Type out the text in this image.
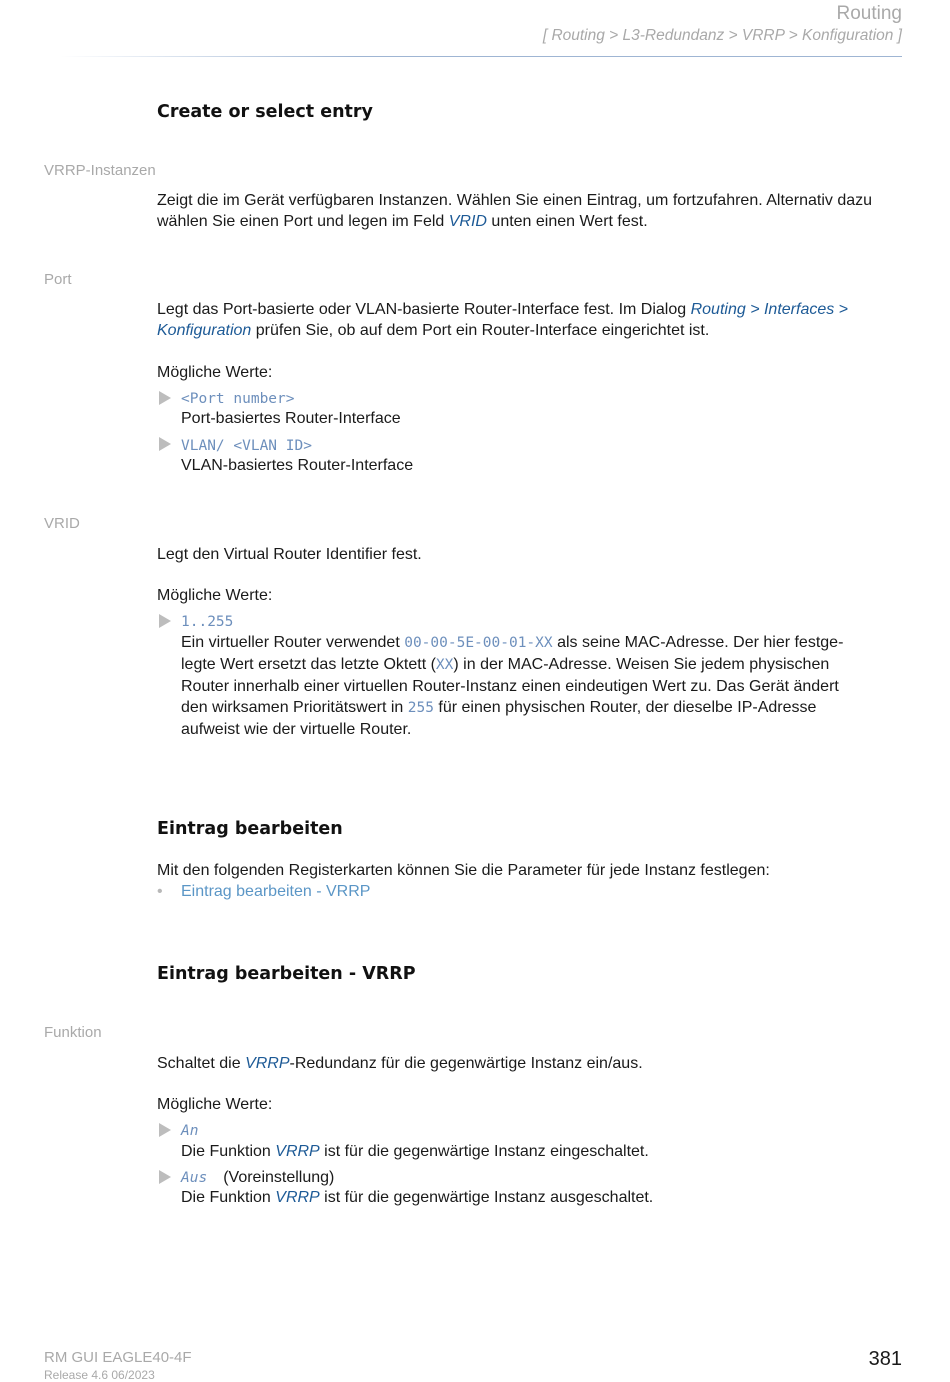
Routing
[ Routing > L3-Redundanz > VRRP > Konfiguration ]
Create or select entry
VRRP-Instanzen
Zeigt die im Gerät verfügbaren Instanzen. Wählen Sie einen Eintrag, um fortzufahren. Alternativ dazu wählen Sie einen Port und legen im Feld VRID unten einen Wert fest.
Port
Legt das Port-basierte oder VLAN-basierte Router-Interface fest. Im Dialog Routing > Interfaces > Konfiguration prüfen Sie, ob auf dem Port ein Router-Interface eingerichtet ist.
Mögliche Werte:
<Port number>
Port-basiertes Router-Interface
VLAN/ <VLAN ID>
VLAN-basiertes Router-Interface
VRID
Legt den Virtual Router Identifier fest.
Mögliche Werte:
1..255
Ein virtueller Router verwendet 00-00-5E-00-01-XX als seine MAC-Adresse. Der hier festge-
legte Wert ersetzt das letzte Oktett (XX) in der MAC-Adresse. Weisen Sie jedem physischen
Router innerhalb einer virtuellen Router-Instanz einen eindeutigen Wert zu. Das Gerät ändert
den wirksamen Prioritätswert in 255 für einen physischen Router, der dieselbe IP-Adresse
aufweist wie der virtuelle Router.
Eintrag bearbeiten
Mit den folgenden Registerkarten können Sie die Parameter für jede Instanz festlegen:
• Eintrag bearbeiten - VRRP
Eintrag bearbeiten - VRRP
Funktion
Schaltet die VRRP-Redundanz für die gegenwärtige Instanz ein/aus.
Mögliche Werte:
An
Die Funktion VRRP ist für die gegenwärtige Instanz eingeschaltet.
Aus (Voreinstellung)
Die Funktion VRRP ist für die gegenwärtige Instanz ausgeschaltet.
RM GUI EAGLE40-4F
Release 4.6 06/2023
381
